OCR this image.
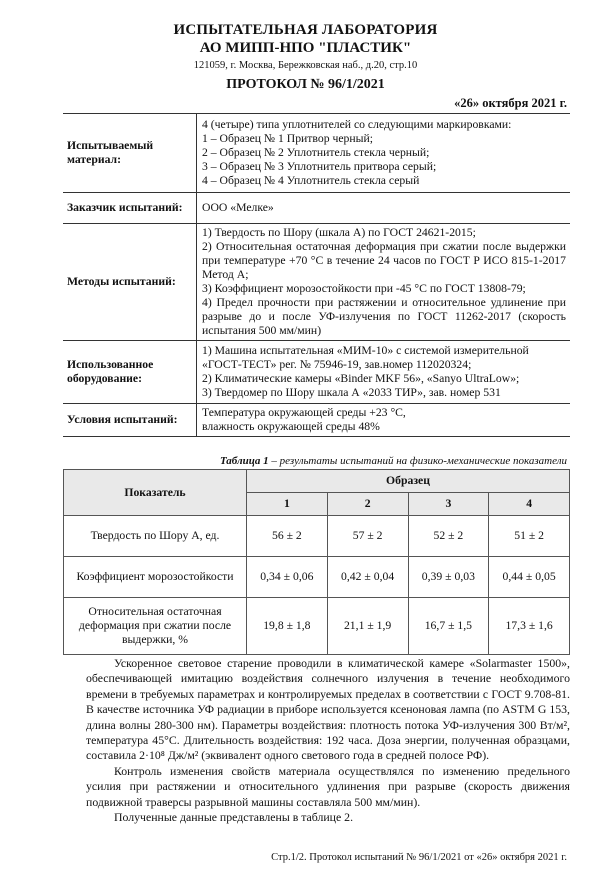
ИСПЫТАТЕЛЬНАЯ ЛАБОРАТОРИЯ
АО МИПП-НПО "ПЛАСТИК"
121059, г. Москва, Бережковская наб., д.20, стр.10
ПРОТОКОЛ № 96/1/2021
«26» октября 2021 г.
Испытываемый материал:	4 (четыре) типа уплотнителей со следующими маркировками:
1 – Образец № 1 Притвор черный;
2 – Образец № 2 Уплотнитель стекла черный;
3 – Образец № 3 Уплотнитель притвора серый;
4 – Образец № 4 Уплотнитель стекла серый

Заказчик испытаний:	ООО «Мелке»
Методы испытаний:	1) Твердость по Шору (шкала А) по ГОСТ 24621-2015;
2) Относительная остаточная деформация при сжатии после выдержки при температуре +70 °С в течение 24 часов по ГОСТ Р ИСО 815-1-2017 Метод А;
3) Коэффициент морозостойкости при -45 °С по ГОСТ 13808-79;
4) Предел прочности при растяжении и относительное удлинение при разрыве до и после УФ-излучения по ГОСТ 11262-2017 (скорость испытания 500 мм/мин)

Использованное оборудование:	1) Машина испытательная «МИМ-10» с системой измерительной «ГОСТ-ТЕСТ» рег. № 75946-19, зав.номер 112020324;
2) Климатические камеры «Binder MKF 56», «Sanyo UltraLow»;
3) Твердомер по Шору шкала А «2033 ТИР», зав. номер 531

Условия испытаний:	Температура окружающей среды +23 °С,
влажность окружающей среды 48%
Таблица 1 – результаты испытаний на физико-механические показатели
Показатель	Образец			
	1	2	3	4
Твердость по Шору А, ед.	56 ± 2	57 ± 2	52 ± 2	51 ± 2
Коэффициент морозостойкости	0,34 ± 0,06	0,42 ± 0,04	0,39 ± 0,03	0,44 ± 0,05
Относительная остаточная деформация при сжатии после выдержки, %	19,8 ± 1,8	21,1 ± 1,9	16,7 ± 1,5	17,3 ± 1,6

Ускоренное световое старение проводили в климатической камере «Solarmaster 1500», обеспечивающей имитацию воздействия солнечного излучения в течение необходимого времени в требуемых параметрах и контролируемых пределах в соответствии с ГОСТ 9.708-81. В качестве источника УФ радиации в приборе используется ксеноновая лампа (по ASTM G 153, длина волны 280-300 нм). Параметры воздействия: плотность потока УФ-излучения 300 Вт/м², температура 45°С. Длительность воздействия: 192 часа. Доза энергии, полученная образцами, составила 2·10⁸ Дж/м² (эквивалент одного светового года в средней полосе РФ).

Контроль изменения свойств материала осуществлялся по изменению предельного усилия при растяжении и относительного удлинения при разрыве (скорость движения подвижной траверсы разрывной машины составляла 500 мм/мин).

Полученные данные представлены в таблице 2.

Стр.1/2. Протокол испытаний № 96/1/2021 от «26» октября 2021 г.
